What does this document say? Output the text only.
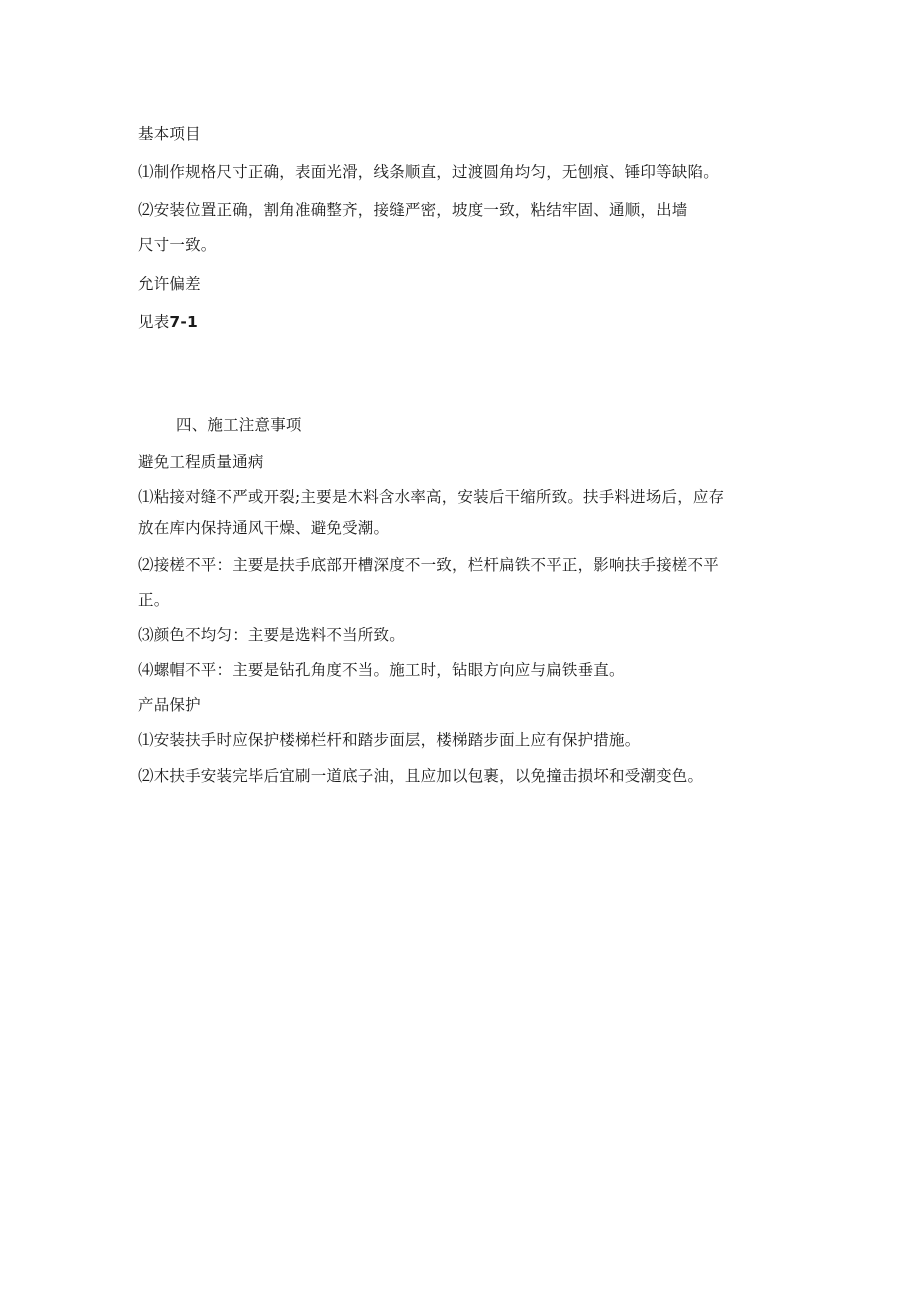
基本项目
⑴制作规格尺寸正确，表面光滑，线条顺直，过渡圆角均匀，无刨痕、锤印等缺陷。
⑵安装位置正确，割角准确整齐，接缝严密，坡度一致，粘结牢固、通顺，出墙
尺寸一致。
允许偏差
见表7-1
四、施工注意事项
避免工程质量通病
⑴粘接对缝不严或开裂;主要是木料含水率高，安装后干缩所致。扶手料进场后，应存
放在库内保持通风干燥、避免受潮。
⑵接槎不平：主要是扶手底部开槽深度不一致，栏杆扁铁不平正，影响扶手接槎不平
正。
⑶颜色不均匀：主要是选料不当所致。
⑷螺帽不平：主要是钻孔角度不当。施工时，钻眼方向应与扁铁垂直。
产品保护
⑴安装扶手时应保护楼梯栏杆和踏步面层，楼梯踏步面上应有保护措施。
⑵木扶手安装完毕后宜刷一道底子油，且应加以包裹，以免撞击损坏和受潮变色。
